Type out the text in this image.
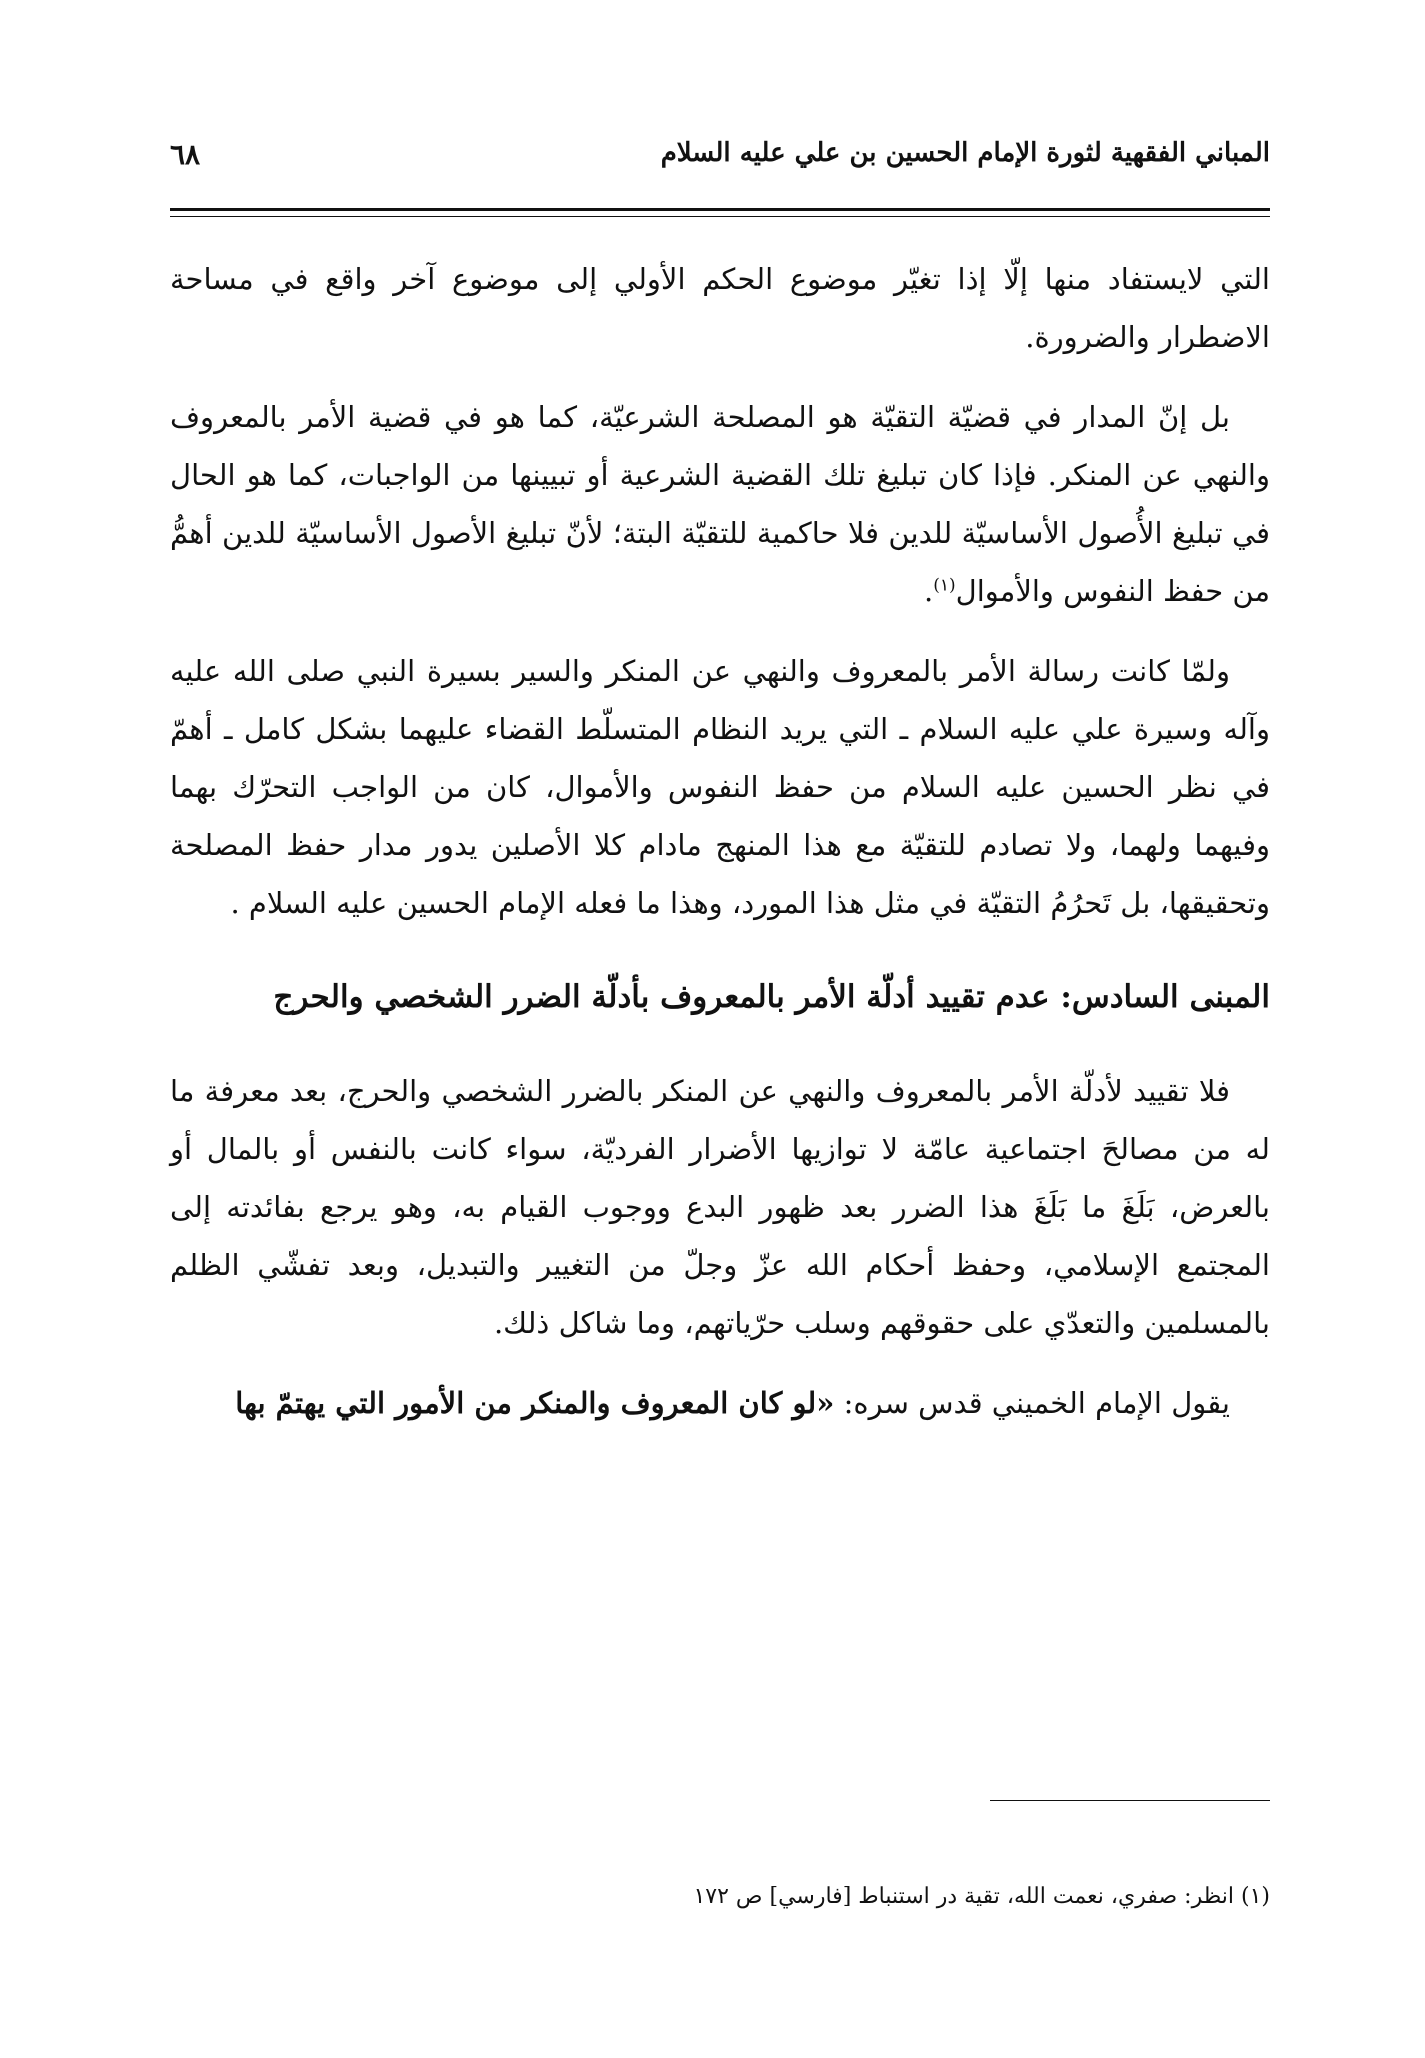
المباني الفقهية لثورة الإمام الحسين بن علي عليه السلام
٦٨

التي لايستفاد منها إلّا إذا تغيّر موضوع الحكم الأولي إلى موضوع آخر واقع في مساحة الاضطرار والضرورة.

بل إنّ المدار في قضيّة التقيّة هو المصلحة الشرعيّة، كما هو في قضية الأمر بالمعروف والنهي عن المنكر. فإذا كان تبليغ تلك القضية الشرعية أو تبيينها من الواجبات، كما هو الحال في تبليغ الأُصول الأساسيّة للدين فلا حاكمية للتقيّة البتة؛ لأنّ تبليغ الأصول الأساسيّة للدين أهمُّ من حفظ النفوس والأموال$^{(١)}$.

ولمّا كانت رسالة الأمر بالمعروف والنهي عن المنكر والسير بسيرة النبي صلى الله عليه وآله وسيرة علي عليه السلام ـ التي يريد النظام المتسلّط القضاء عليهما بشكل كامل ـ أهمّ في نظر الحسين عليه السلام من حفظ النفوس والأموال، كان من الواجب التحرّك بهما وفيهما ولهما، ولا تصادم للتقيّة مع هذا المنهج مادام كلا الأصلين يدور مدار حفظ المصلحة وتحقيقها، بل تَحرُمُ التقيّة في مثل هذا المورد، وهذا ما فعله الإمام الحسين عليه السلام .

المبنى السادس: عدم تقييد أدلّة الأمر بالمعروف بأدلّة الضرر الشخصي والحرج

فلا تقييد لأدلّة الأمر بالمعروف والنهي عن المنكر بالضرر الشخصي والحرج، بعد معرفة ما له من مصالحَ اجتماعية عامّة لا توازيها الأضرار الفرديّة، سواء كانت بالنفس أو بالمال أو بالعرض، بَلَغَ ما بَلَغَ هذا الضرر بعد ظهور البدع ووجوب القيام به، وهو يرجع بفائدته إلى المجتمع الإسلامي، وحفظ أحكام الله عزّ وجلّ من التغيير والتبديل، وبعد تفشّي الظلم بالمسلمين والتعدّي على حقوقهم وسلب حرّياتهم، وما شاكل ذلك.

يقول الإمام الخميني قدس سره: «لو كان المعروف والمنكر من الأمور التي يهتمّ بها

(١) انظر: صفري، نعمت الله، تقية در استنباط [فارسي] ص ١٧٢
